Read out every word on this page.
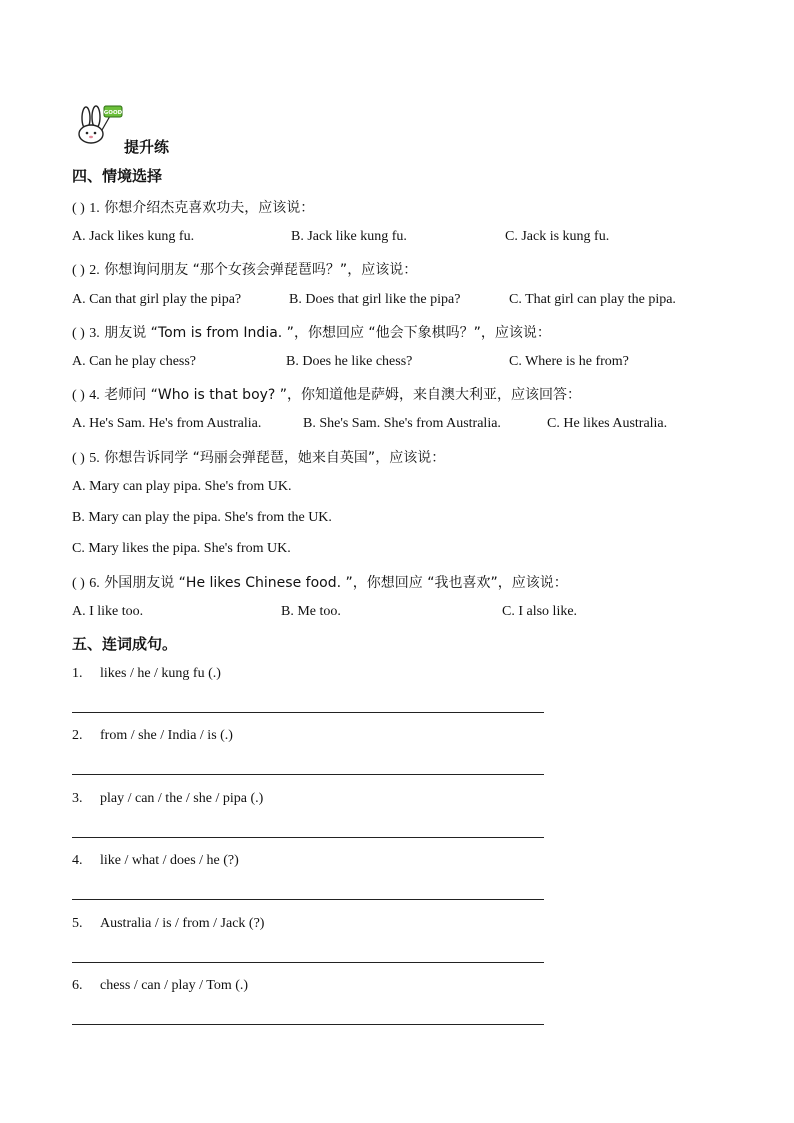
GOOD
提升练
四、情境选择
( ) 1. 你想介绍杰克喜欢功夫，应该说：
A. Jack likes kung fu.	B. Jack like kung fu.	C. Jack is kung fu.
( ) 2. 你想询问朋友 “那个女孩会弹琵琶吗？”，应该说：
A. Can that girl play the pipa?	B. Does that girl like the pipa?	C. That girl can play the pipa.
( ) 3. 朋友说 “Tom is from India. ”，你想回应 “他会下象棋吗？”，应该说：
A. Can he play chess?	B. Does he like chess?	C. Where is he from?
( ) 4. 老师问 “Who is that boy? ”，你知道他是萨姆，来自澳大利亚，应该回答：
A. He's Sam. He's from Australia.	B. She's Sam. She's from Australia.	C. He likes Australia.
( ) 5. 你想告诉同学 “玛丽会弹琵琶，她来自英国”，应该说：
A. Mary can play pipa. She's from UK.
B. Mary can play the pipa. She's from the UK.
C. Mary likes the pipa. She's from UK.
( ) 6. 外国朋友说 “He likes Chinese food. ”，你想回应 “我也喜欢”，应该说：
A. I like too.	B. Me too.	C. I also like.
五、连词成句。
1. likes / he / kung fu (.)
2. from / she / India / is (.)
3. play / can / the / she / pipa (.)
4. like / what / does / he (?)
5. Australia / is / from / Jack (?)
6. chess / can / play / Tom (.)
